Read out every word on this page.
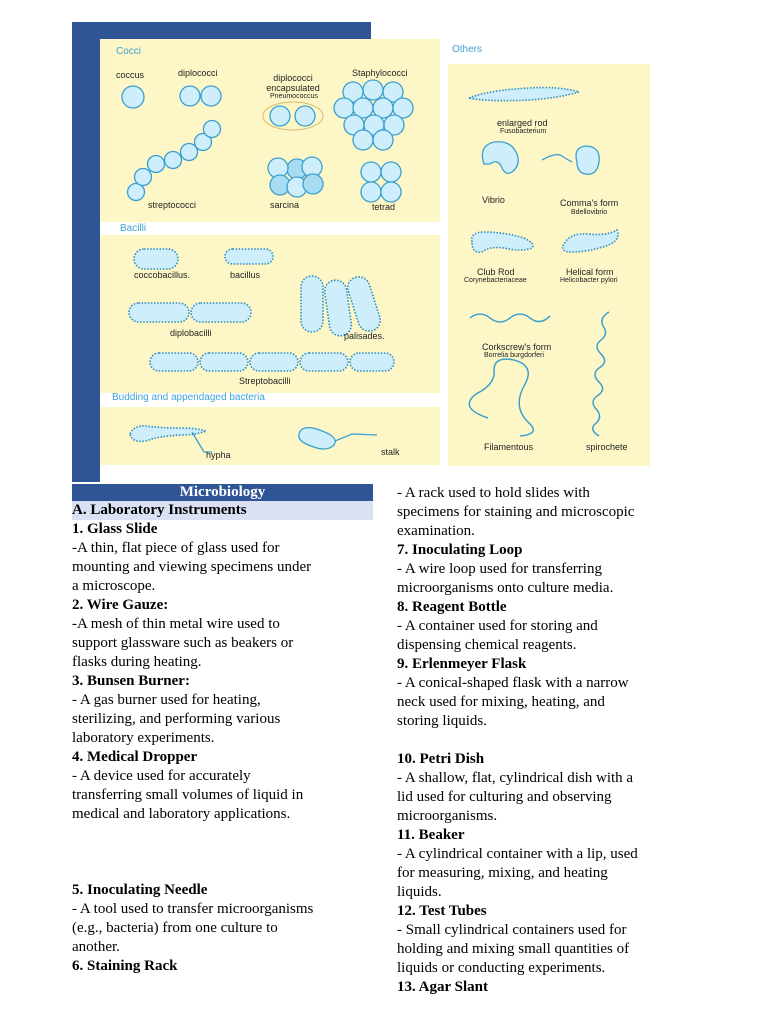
Cocci
Bacilli
Budding and appendaged bacteria
Others
coccus	diplococci	diplococci encapsulated
Pneumococcus
Staphylococci
streptococci	sarcina	tetrad
coccobacillus.	bacillus
diplobacilli	palisades.
Streptobacilli
hypha	stalk
enlarged rod
Fusobacterium
Vibrio	Comma's form
Bdellovibrio
Club Rod
Corynebacteriaceae
Helical form
Helicobacter pylori
Corkscrew's form
Borrelia burgdorferi
Filamentous	spirochete
Microbiology
A. Laboratory Instruments

1. Glass Slide

-A thin, flat piece of glass used for

mounting and viewing specimens under

a microscope.

2. Wire Gauze:

-A mesh of thin metal wire used to

support glassware such as beakers or

flasks during heating.

3. Bunsen Burner:

- A gas burner used for heating,

sterilizing, and performing various

laboratory experiments.

4. Medical Dropper

- A device used for accurately

transferring small volumes of liquid in

medical and laboratory applications.

5. Inoculating Needle

- A tool used to transfer microorganisms

(e.g., bacteria) from one culture to

another.

6. Staining Rack

- A rack used to hold slides with

specimens for staining and microscopic

examination.

7. Inoculating Loop

- A wire loop used for transferring

microorganisms onto culture media.

8. Reagent Bottle

- A container used for storing and

dispensing chemical reagents.

9. Erlenmeyer Flask

- A conical-shaped flask with a narrow

neck used for mixing, heating, and

storing liquids.

10. Petri Dish

- A shallow, flat, cylindrical dish with a

lid used for culturing and observing

microorganisms.

11. Beaker

- A cylindrical container with a lip, used

for measuring, mixing, and heating

liquids.

12. Test Tubes

- Small cylindrical containers used for

holding and mixing small quantities of

liquids or conducting experiments.

13. Agar Slant
